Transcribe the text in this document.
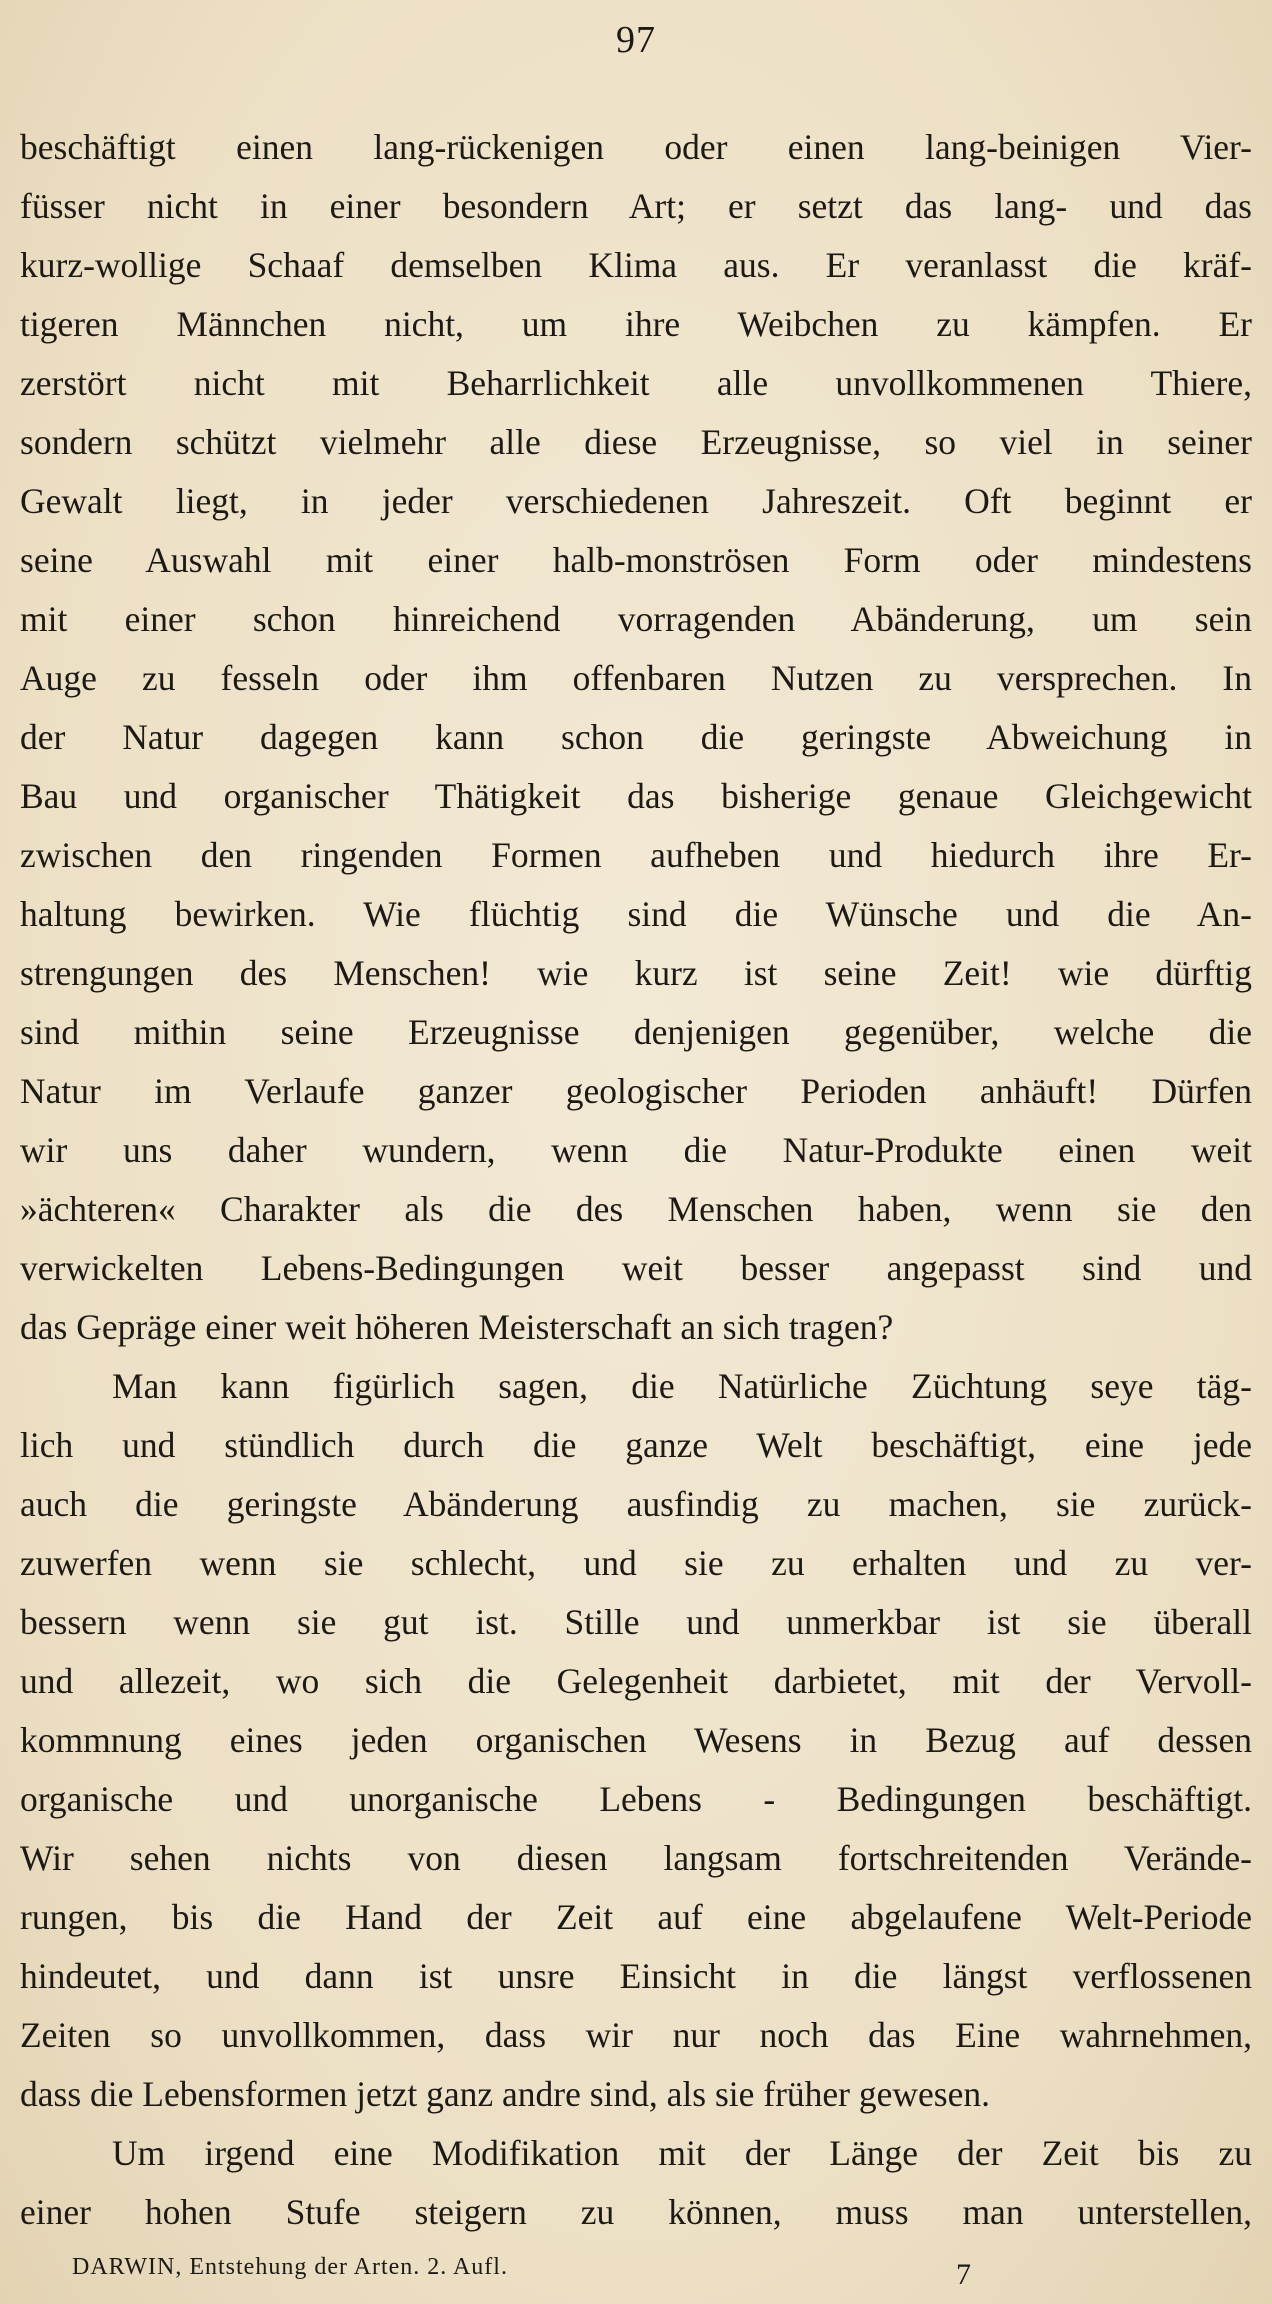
97
beschäftigt einen lang-rückenigen oder einen lang-beinigen Vier-
füsser nicht in einer besondern Art; er setzt das lang- und das
kurz-wollige Schaaf demselben Klima aus. Er veranlasst die kräf-
tigeren Männchen nicht, um ihre Weibchen zu kämpfen. Er
zerstört nicht mit Beharrlichkeit alle unvollkommenen Thiere,
sondern schützt vielmehr alle diese Erzeugnisse, so viel in seiner
Gewalt liegt, in jeder verschiedenen Jahreszeit. Oft beginnt er
seine Auswahl mit einer halb-monströsen Form oder mindestens
mit einer schon hinreichend vorragenden Abänderung, um sein
Auge zu fesseln oder ihm offenbaren Nutzen zu versprechen. In
der Natur dagegen kann schon die geringste Abweichung in
Bau und organischer Thätigkeit das bisherige genaue Gleichgewicht
zwischen den ringenden Formen aufheben und hiedurch ihre Er-
haltung bewirken. Wie flüchtig sind die Wünsche und die An-
strengungen des Menschen! wie kurz ist seine Zeit! wie dürftig
sind mithin seine Erzeugnisse denjenigen gegenüber, welche die
Natur im Verlaufe ganzer geologischer Perioden anhäuft! Dürfen
wir uns daher wundern, wenn die Natur-Produkte einen weit
»ächteren« Charakter als die des Menschen haben, wenn sie den
verwickelten Lebens-Bedingungen weit besser angepasst sind und
das Gepräge einer weit höheren Meisterschaft an sich tragen?
Man kann figürlich sagen, die Natürliche Züchtung seye täg-
lich und stündlich durch die ganze Welt beschäftigt, eine jede
auch die geringste Abänderung ausfindig zu machen, sie zurück-
zuwerfen wenn sie schlecht, und sie zu erhalten und zu ver-
bessern wenn sie gut ist. Stille und unmerkbar ist sie überall
und allezeit, wo sich die Gelegenheit darbietet, mit der Vervoll-
kommnung eines jeden organischen Wesens in Bezug auf dessen
organische und unorganische Lebens - Bedingungen beschäftigt.
Wir sehen nichts von diesen langsam fortschreitenden Verände-
rungen, bis die Hand der Zeit auf eine abgelaufene Welt-Periode
hindeutet, und dann ist unsre Einsicht in die längst verflossenen
Zeiten so unvollkommen, dass wir nur noch das Eine wahrnehmen,
dass die Lebensformen jetzt ganz andre sind, als sie früher gewesen.
Um irgend eine Modifikation mit der Länge der Zeit bis zu
einer hohen Stufe steigern zu können, muss man unterstellen,
DARWIN, Entstehung der Arten. 2. Aufl.	7
